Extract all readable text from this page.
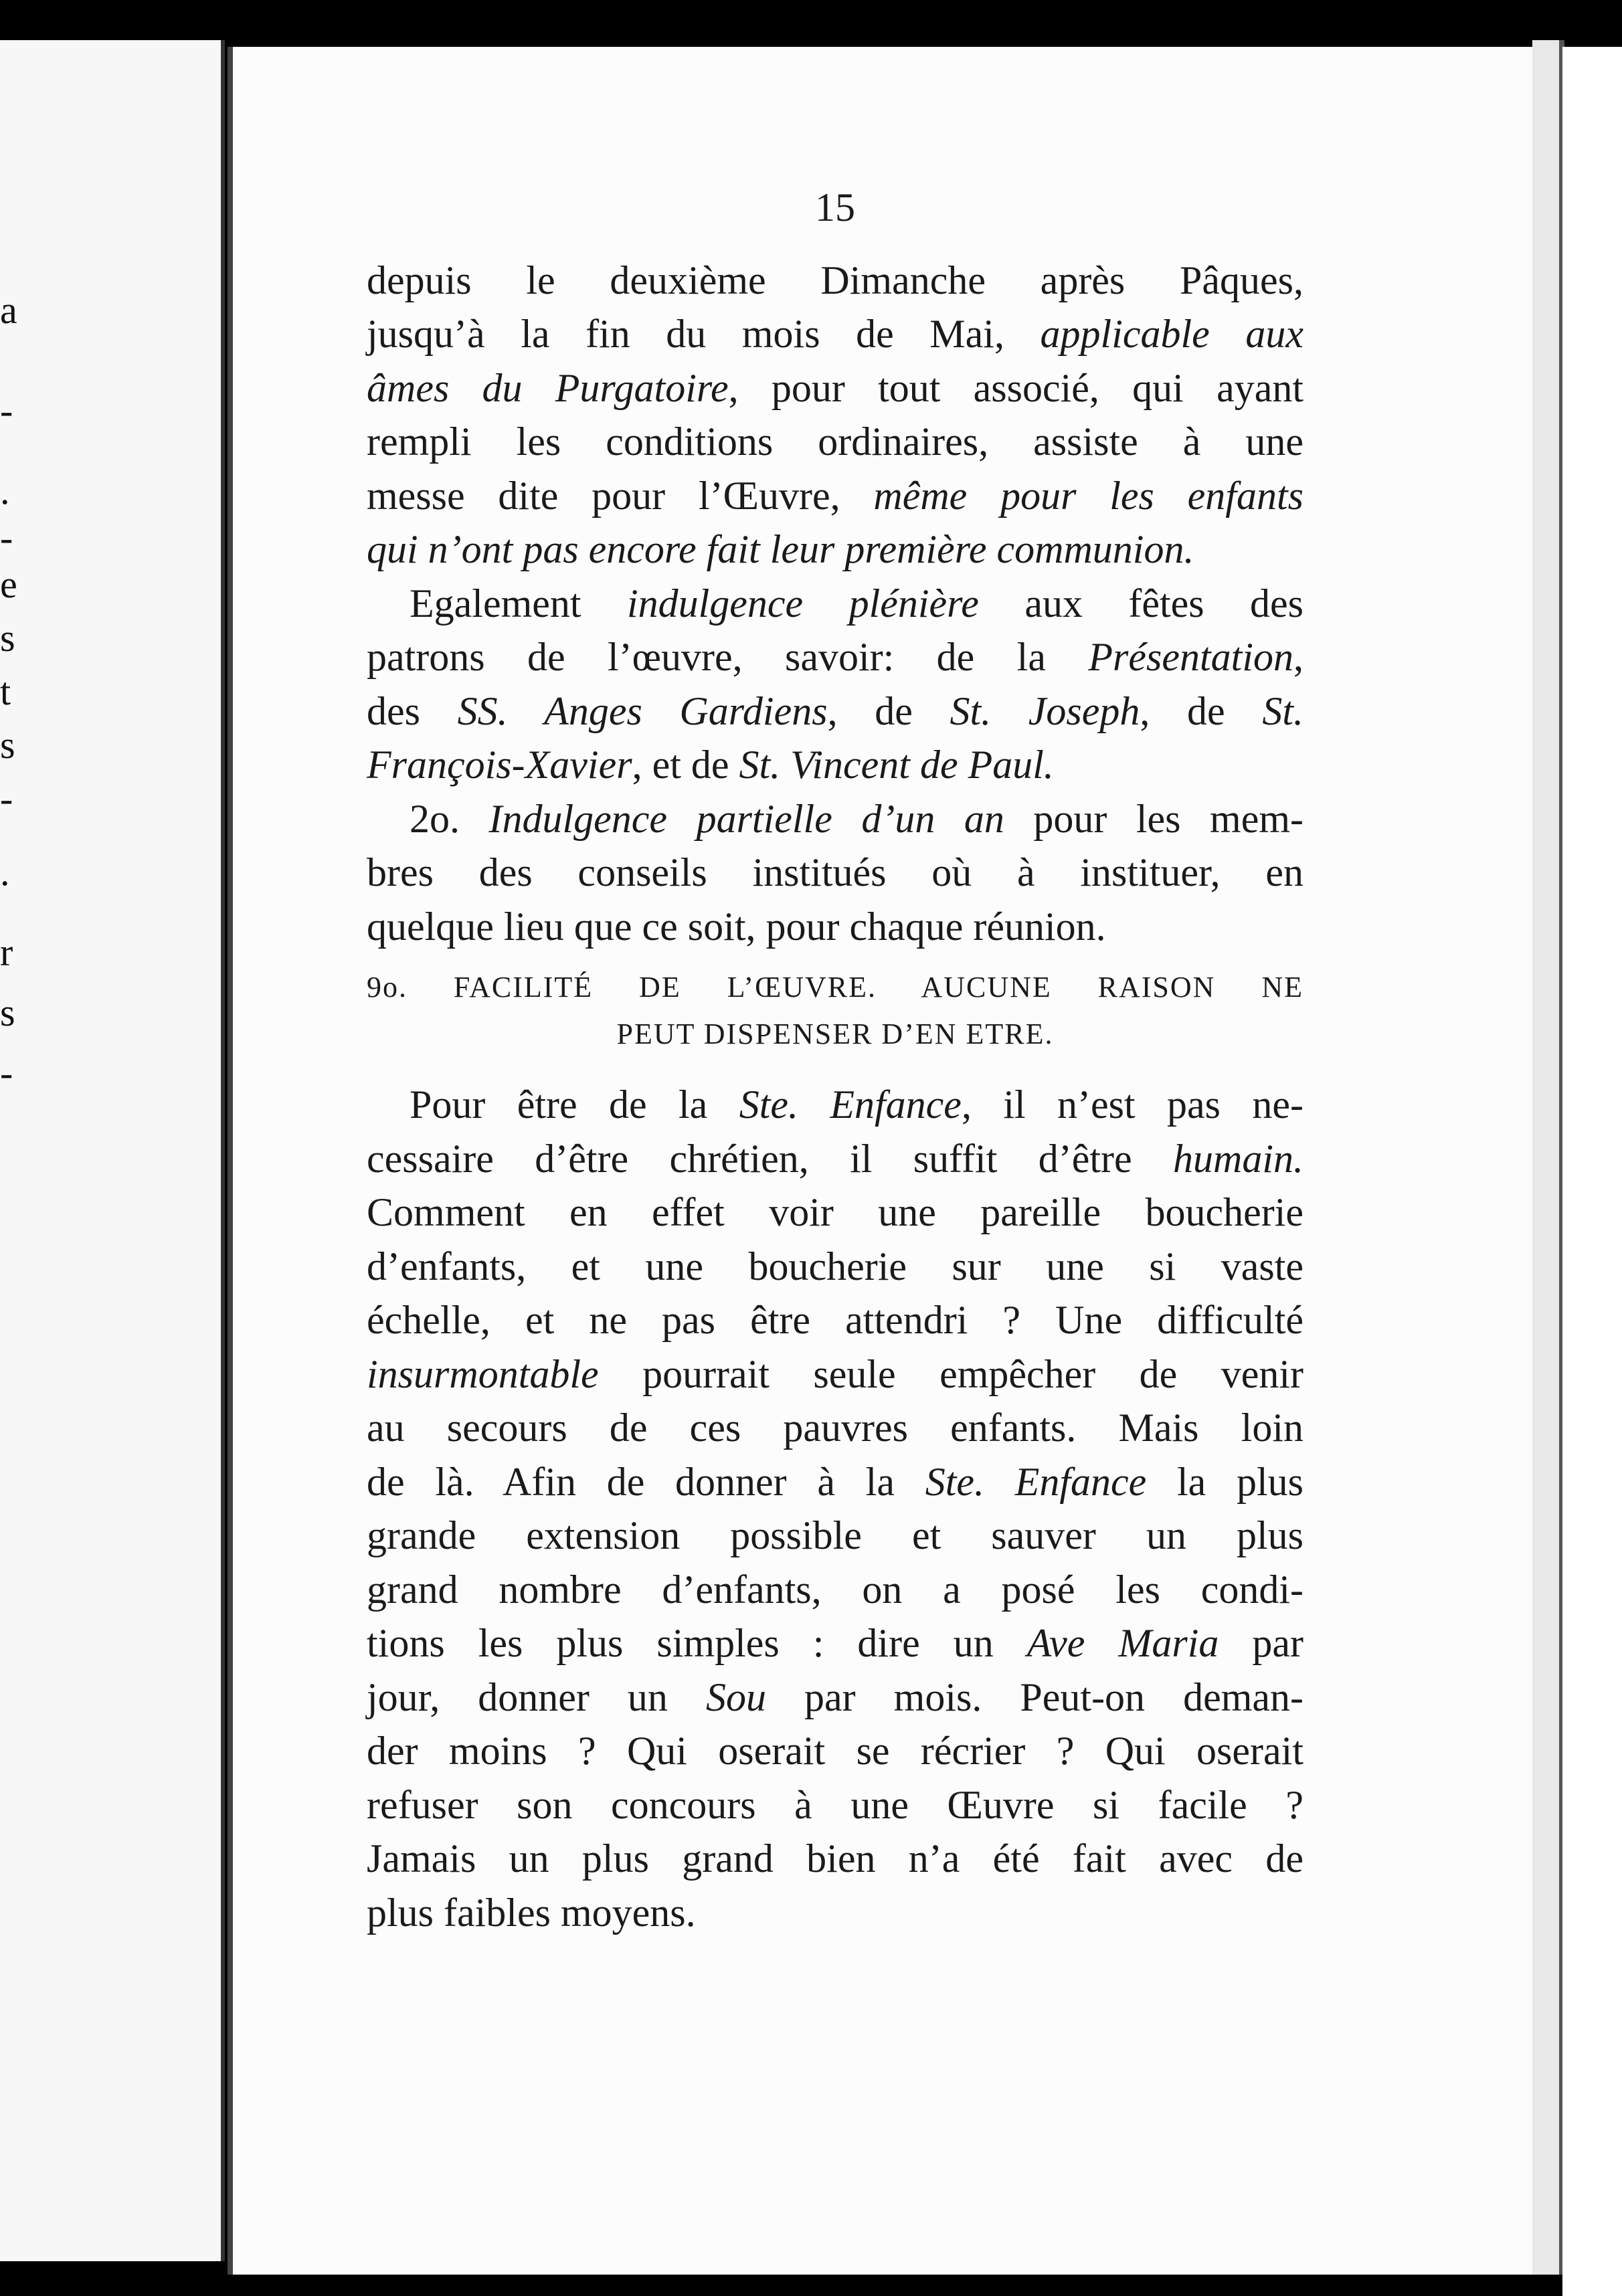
a
-
.
-
e
s
t
s
-
.
r
s
-
15
depuis le deuxième Dimanche après Pâques,
jusqu’à la fin du mois de Mai, applicable aux
âmes du Purgatoire, pour tout associé, qui ayant
rempli les conditions ordinaires, assiste à une
messe dite pour l’Œuvre, même pour les enfants
qui n’ont pas encore fait leur première communion.
Egalement indulgence plénière aux fêtes des
patrons de l’œuvre, savoir: de la Présentation,
des SS. Anges Gardiens, de St. Joseph, de St.
François-Xavier, et de St. Vincent de Paul.
2o. Indulgence partielle d’un an pour les mem-
bres des conseils institués où à instituer, en
quelque lieu que ce soit, pour chaque réunion.
9o. FACILITÉ DE L’ŒUVRE. AUCUNE RAISON NE
PEUT DISPENSER D’EN ETRE.
Pour être de la Ste. Enfance, il n’est pas ne-
cessaire d’être chrétien, il suffit d’être humain.
Comment en effet voir une pareille boucherie
d’enfants, et une boucherie sur une si vaste
échelle, et ne pas être attendri ? Une difficulté
insurmontable pourrait seule empêcher de venir
au secours de ces pauvres enfants. Mais loin
de là. Afin de donner à la Ste. Enfance la plus
grande extension possible et sauver un plus
grand nombre d’enfants, on a posé les condi-
tions les plus simples : dire un Ave Maria par
jour, donner un Sou par mois. Peut-on deman-
der moins ? Qui oserait se récrier ? Qui oserait
refuser son concours à une Œuvre si facile ?
Jamais un plus grand bien n’a été fait avec de
plus faibles moyens.
